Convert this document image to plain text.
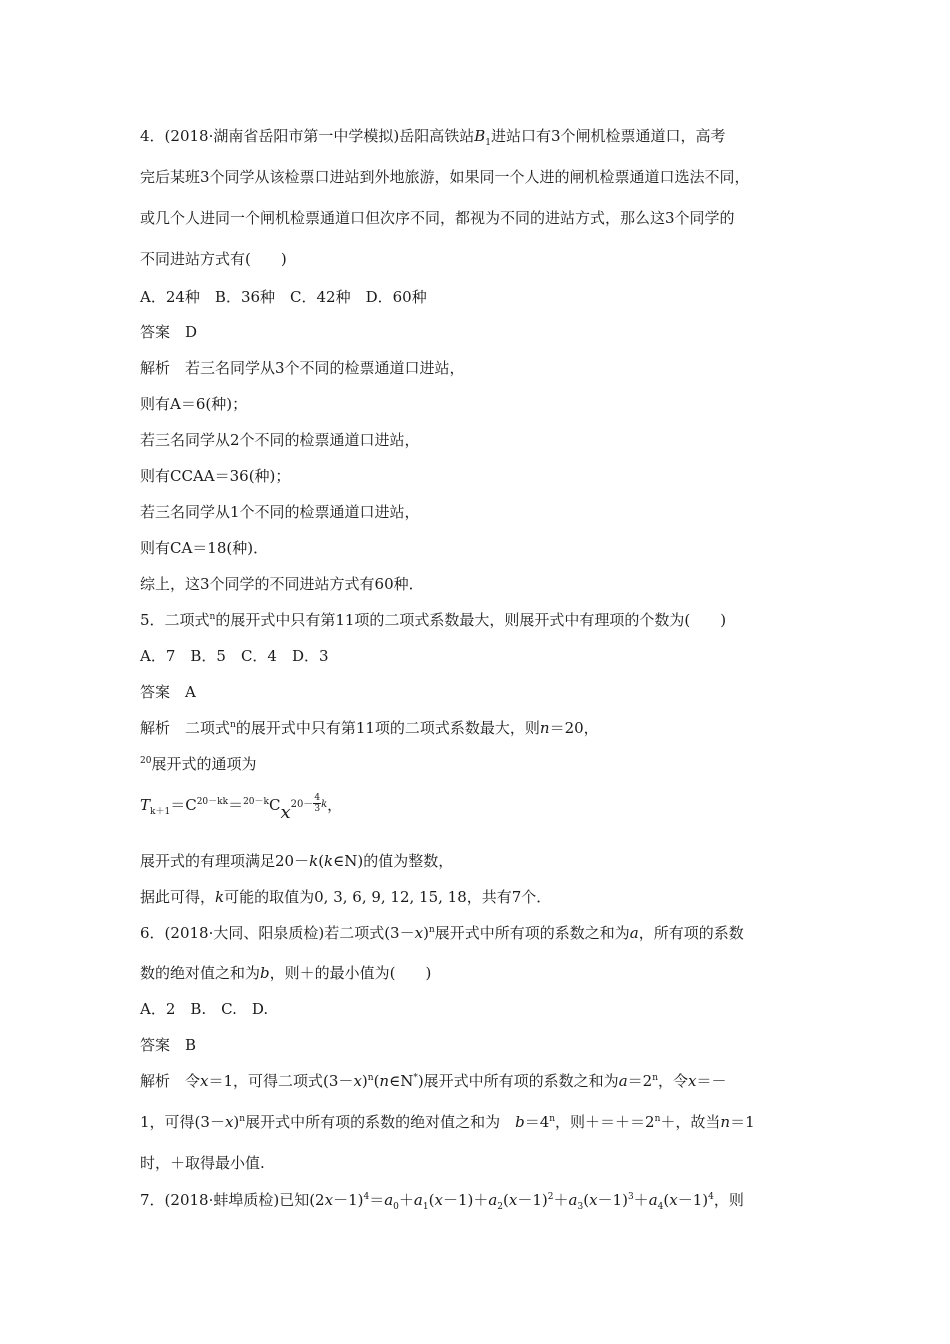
4．(2018·湖南省岳阳市第一中学模拟)岳阳高铁站$B_1$进站口有3个闸机检票通道口，高考
完后某班3个同学从该检票口进站到外地旅游，如果同一个人进的闸机检票通道口选法不同，
或几个人进同一个闸机检票通道口但次序不同，都视为不同的进站方式，那么这3个同学的
不同进站方式有(　　)
A．24种　B．36种　C．42种　D．60种
答案　D
解析　若三名同学从3个不同的检票通道口进站，
则有A＝6(种)；
若三名同学从2个不同的检票通道口进站，
则有CCAA＝36(种)；
若三名同学从1个不同的检票通道口进站，
则有CA＝18(种)．
综上，这3个同学的不同进站方式有60种．
5．二项式$^n$的展开式中只有第11项的二项式系数最大，则展开式中有理项的个数为(　　)
A．7　B．5　C．4　D．3
答案　A
解析　二项式$^n$的展开式中只有第11项的二项式系数最大，则n＝20，
$^{20}$展开式的通项为
$T_{k+1}=C^{20-kk}=^{20-k}Cx^{20-} \frac{4}{3} ^k$，
展开式的有理项满足20－k(k∈N)的值为整数，
据此可得，k可能的取值为0, 3, 6, 9, 12, 15, 18，共有7个．
6．(2018·大同、阳泉质检)若二项式$(3-x)^n$展开式中所有项的系数之和为a，所有项的系数
数的绝对值之和为b，则＋的最小值为(　　)
A．2　B.　C.　D.
答案　B
解析　令x＝1，可得二项式$(3-x)^n(n\in N^*)$展开式中所有项的系数之和为$a=2^n$，令x＝－
1，可得$(3-x)^n$展开式中所有项的系数的绝对值之和为　$b=4^n$，则$+=+=2^n+$，故当n＝1
时，＋取得最小值.
7．(2018·蚌埠质检)已知$(2x-1)^4=a_0+a_1(x-1)+a_2(x-1)^2+a_3(x-1)^3+a_4(x-1)^4$，则
